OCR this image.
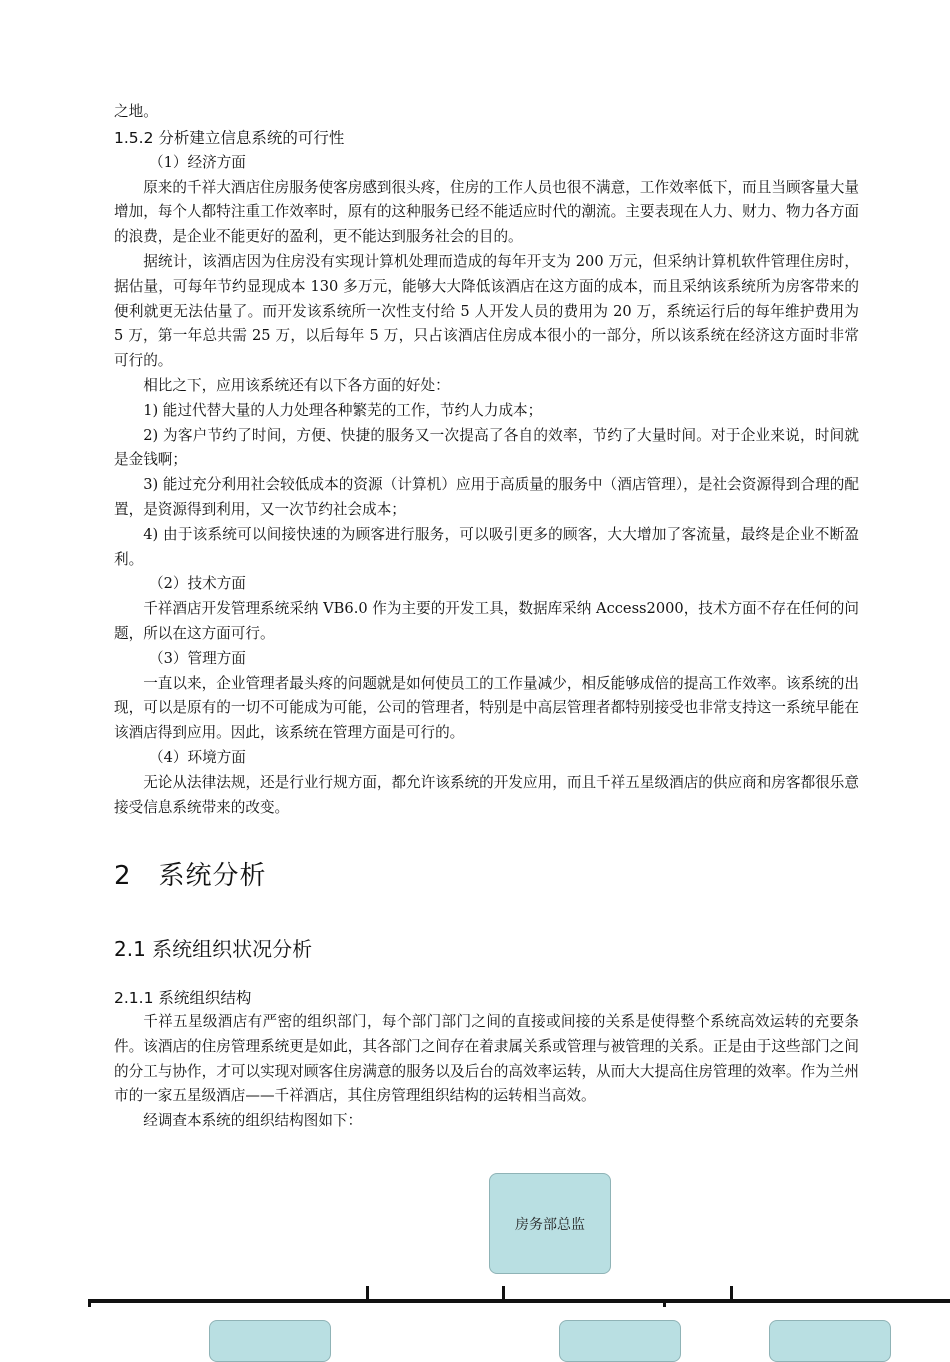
之地。

1.5.2 分析建立信息系统的可行性

（1）经济方面

原来的千祥大酒店住房服务使客房感到很头疼，住房的工作人员也很不满意，工作效率低下，而且当顾客量大量增加，每个人都特注重工作效率时，原有的这种服务已经不能适应时代的潮流。主要表现在人力、财力、物力各方面的浪费，是企业不能更好的盈利，更不能达到服务社会的目的。

据统计，该酒店因为住房没有实现计算机处理而造成的每年开支为 200 万元，但采纳计算机软件管理住房时，据估量，可每年节约显现成本 130 多万元，能够大大降低该酒店在这方面的成本，而且采纳该系统所为房客带来的便利就更无法估量了。而开发该系统所一次性支付给 5 人开发人员的费用为 20 万，系统运行后的每年维护费用为 5 万，第一年总共需 25 万，以后每年 5 万，只占该酒店住房成本很小的一部分，所以该系统在经济这方面时非常可行的。

相比之下，应用该系统还有以下各方面的好处：

1) 能过代替大量的人力处理各种繁芜的工作，节约人力成本；

2) 为客户节约了时间，方便、快捷的服务又一次提高了各自的效率，节约了大量时间。对于企业来说，时间就是金钱啊；

3) 能过充分利用社会较低成本的资源（计算机）应用于高质量的服务中（酒店管理），是社会资源得到合理的配置，是资源得到利用，又一次节约社会成本；

4) 由于该系统可以间接快速的为顾客进行服务，可以吸引更多的顾客，大大增加了客流量，最终是企业不断盈利。

（2）技术方面

千祥酒店开发管理系统采纳 VB6.0 作为主要的开发工具，数据库采纳 Access2000，技术方面不存在任何的问题，所以在这方面可行。

（3）管理方面

一直以来，企业管理者最头疼的问题就是如何使员工的工作量减少，相反能够成倍的提高工作效率。该系统的出现，可以是原有的一切不可能成为可能，公司的管理者，特别是中高层管理者都特别接受也非常支持这一系统早能在该酒店得到应用。因此，该系统在管理方面是可行的。

（4）环境方面

无论从法律法规，还是行业行规方面，都允许该系统的开发应用，而且千祥五星级酒店的供应商和房客都很乐意接受信息系统带来的改变。

2　系统分析
2.1 系统组织状况分析
2.1.1 系统组织结构

千祥五星级酒店有严密的组织部门，每个部门部门之间的直接或间接的关系是使得整个系统高效运转的充要条件。该酒店的住房管理系统更是如此，其各部门之间存在着隶属关系或管理与被管理的关系。正是由于这些部门之间的分工与协作，才可以实现对顾客住房满意的服务以及后台的高效率运转，从而大大提高住房管理的效率。作为兰州市的一家五星级酒店——千祥酒店，其住房管理组织结构的运转相当高效。

经调查本系统的组织结构图如下：

房务部总监
